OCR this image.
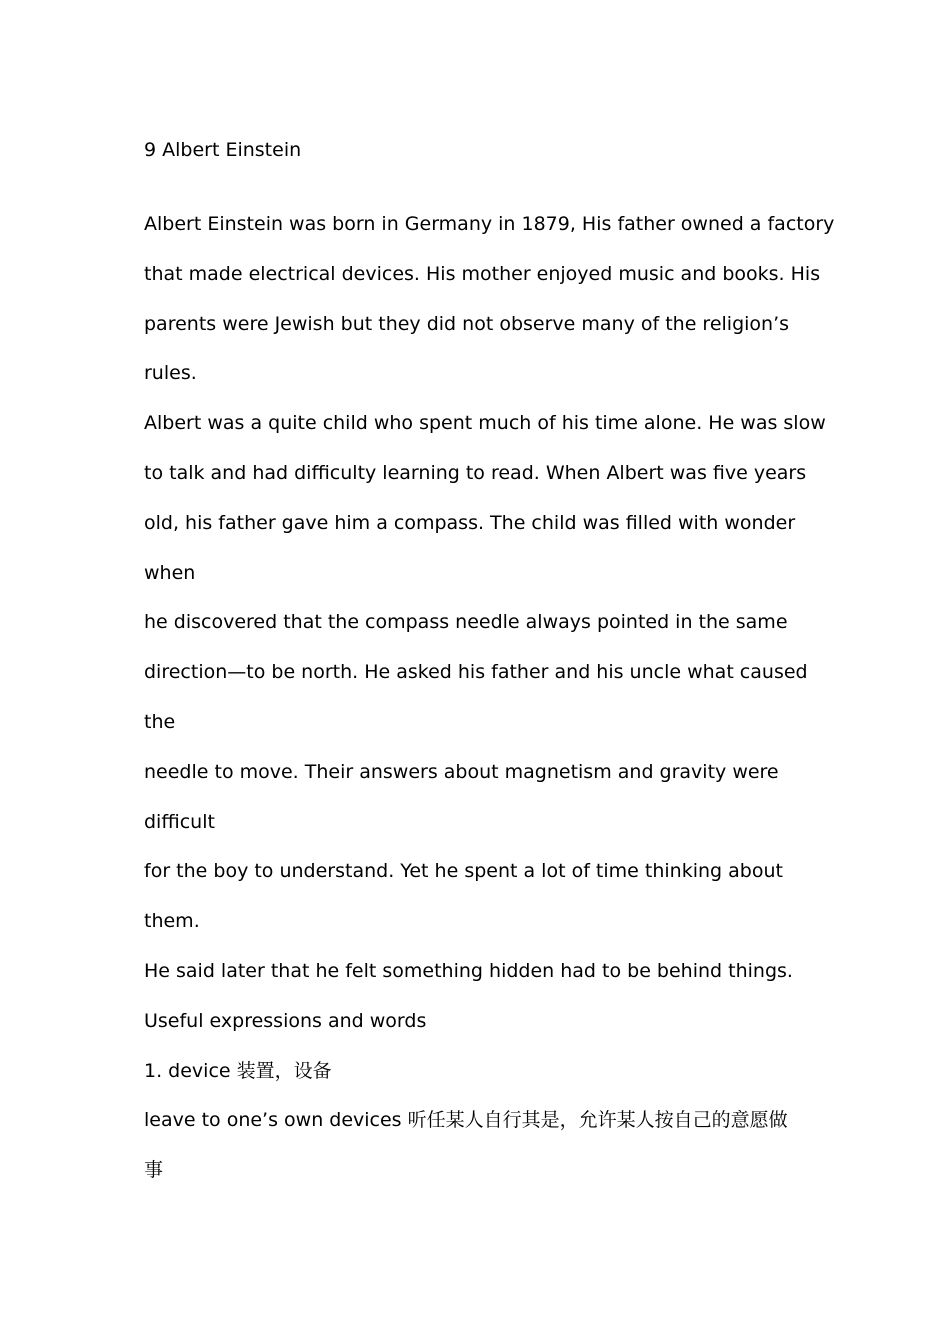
9 Albert Einstein
Albert Einstein was born in Germany in 1879, His father owned a factory
that made electrical devices. His mother enjoyed music and books. His
parents were Jewish but they did not observe many of the religion’s
rules.
Albert was a quite child who spent much of his time alone. He was slow
to talk and had difficulty learning to read. When Albert was five years
old, his father gave him a compass. The child was filled with wonder
when
he discovered that the compass needle always pointed in the same
direction—to be north. He asked his father and his uncle what caused
the
needle to move. Their answers about magnetism and gravity were
difficult
for the boy to understand. Yet he spent a lot of time thinking about
them.
He said later that he felt something hidden had to be behind things.
Useful expressions and words
1. device 装置，设备
leave to one’s own devices 听任某人自行其是，允许某人按自己的意愿做
事
